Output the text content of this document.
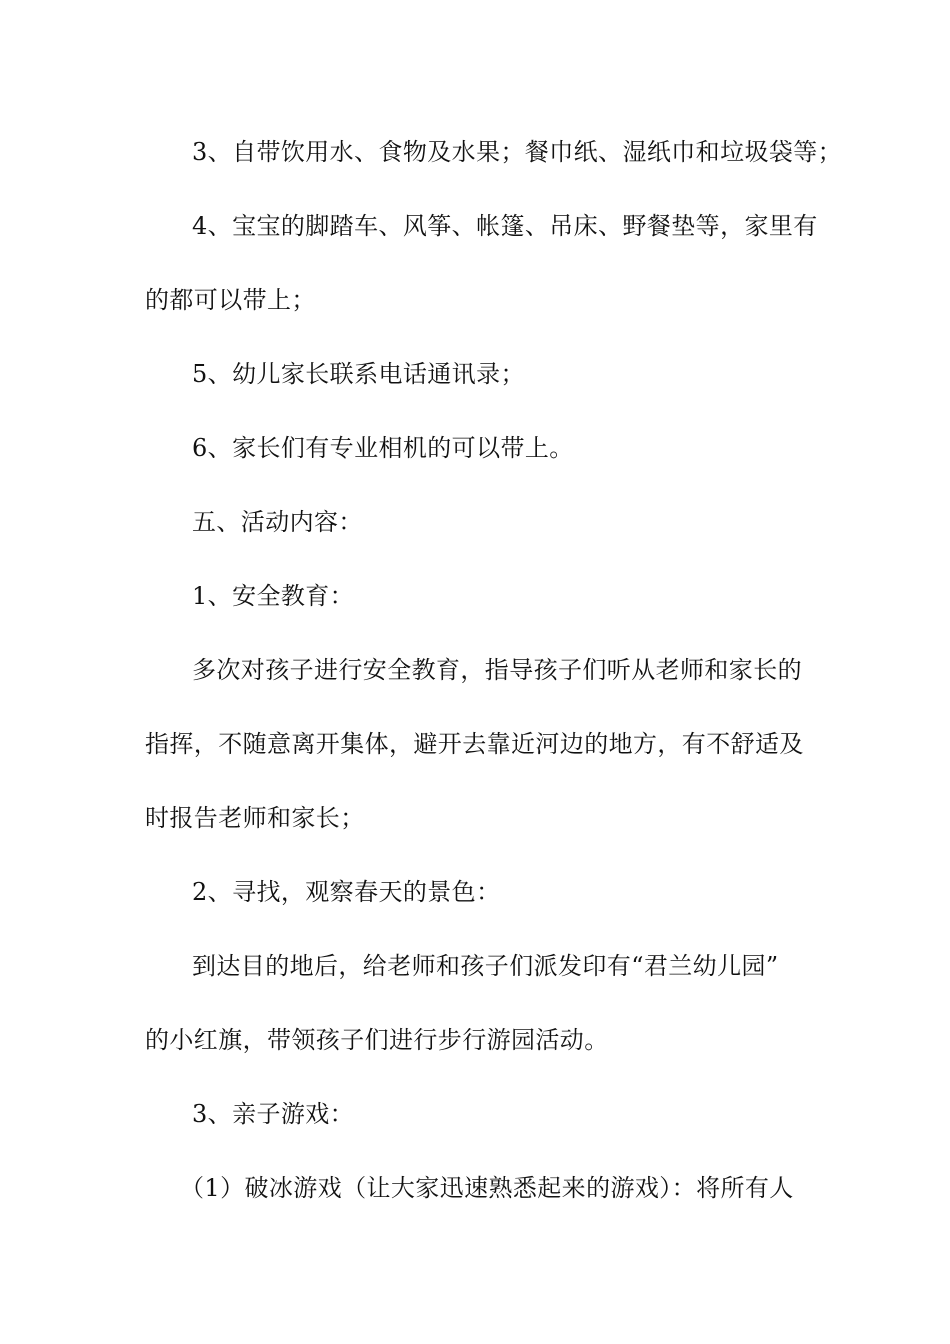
3、自带饮用水、食物及水果；餐巾纸、湿纸巾和垃圾袋等；
4、宝宝的脚踏车、风筝、帐篷、吊床、野餐垫等，家里有
的都可以带上；
5、幼儿家长联系电话通讯录；
6、家长们有专业相机的可以带上。
五、活动内容：
1、安全教育：
多次对孩子进行安全教育，指导孩子们听从老师和家长的
指挥，不随意离开集体，避开去靠近河边的地方，有不舒适及
时报告老师和家长；
2、寻找，观察春天的景色：
到达目的地后，给老师和孩子们派发印有“君兰幼儿园”
的小红旗，带领孩子们进行步行游园活动。
3、亲子游戏：
（1）破冰游戏（让大家迅速熟悉起来的游戏）：将所有人
